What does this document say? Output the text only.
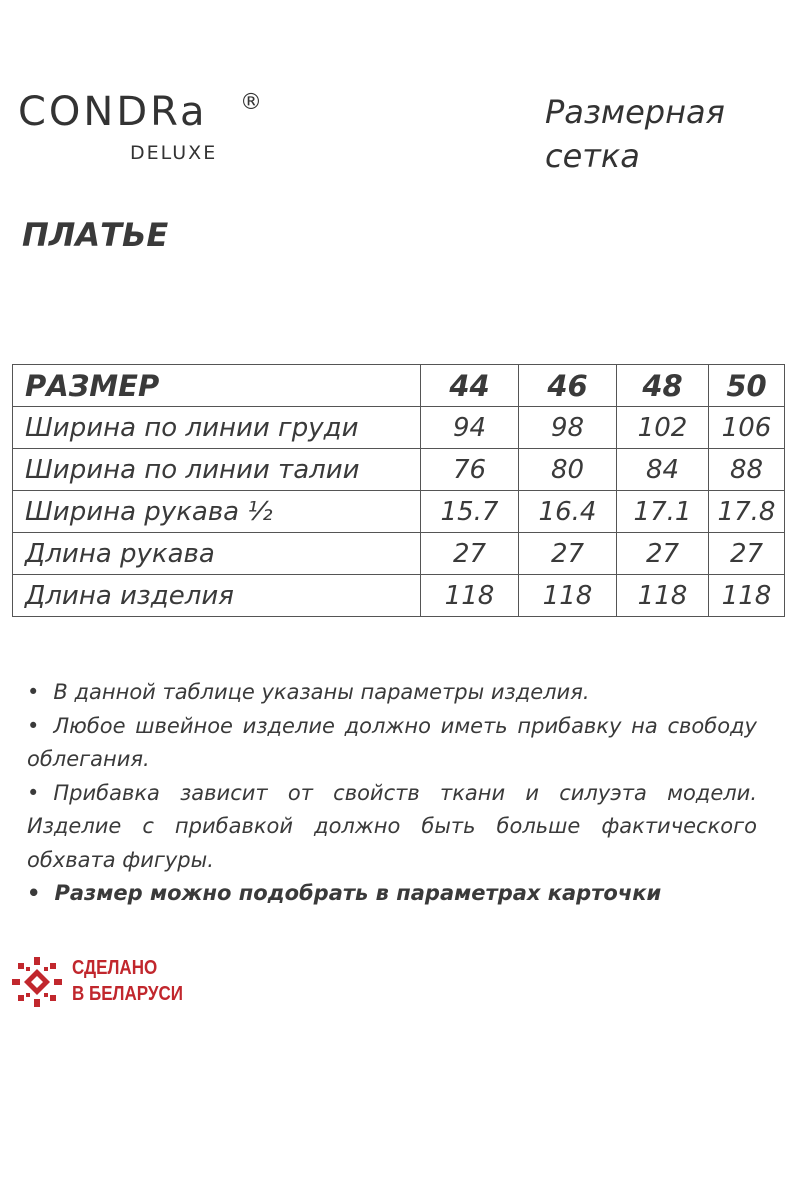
CONDRa ®
DELUXE
Размерная
сетка
ПЛАТЬЕ
РАЗМЕР	44	46	48	50
Ширина по линии груди	94	98	102	106
Ширина по линии талии	76	80	84	88
Ширина рукава ½	15.7	16.4	17.1	17.8
Длина рукава	27	27	27	27
Длина изделия	118	118	118	118

• В данной таблице указаны параметры изделия.

• Любое швейное изделие должно иметь прибавку на свободу облегания.

• Прибавка зависит от свойств ткани и силуэта модели. Изделие с прибавкой должно быть больше фактического обхвата фигуры.

• Размер можно подобрать в параметрах карточки

СДЕЛАНО
В БЕЛАРУСИ
